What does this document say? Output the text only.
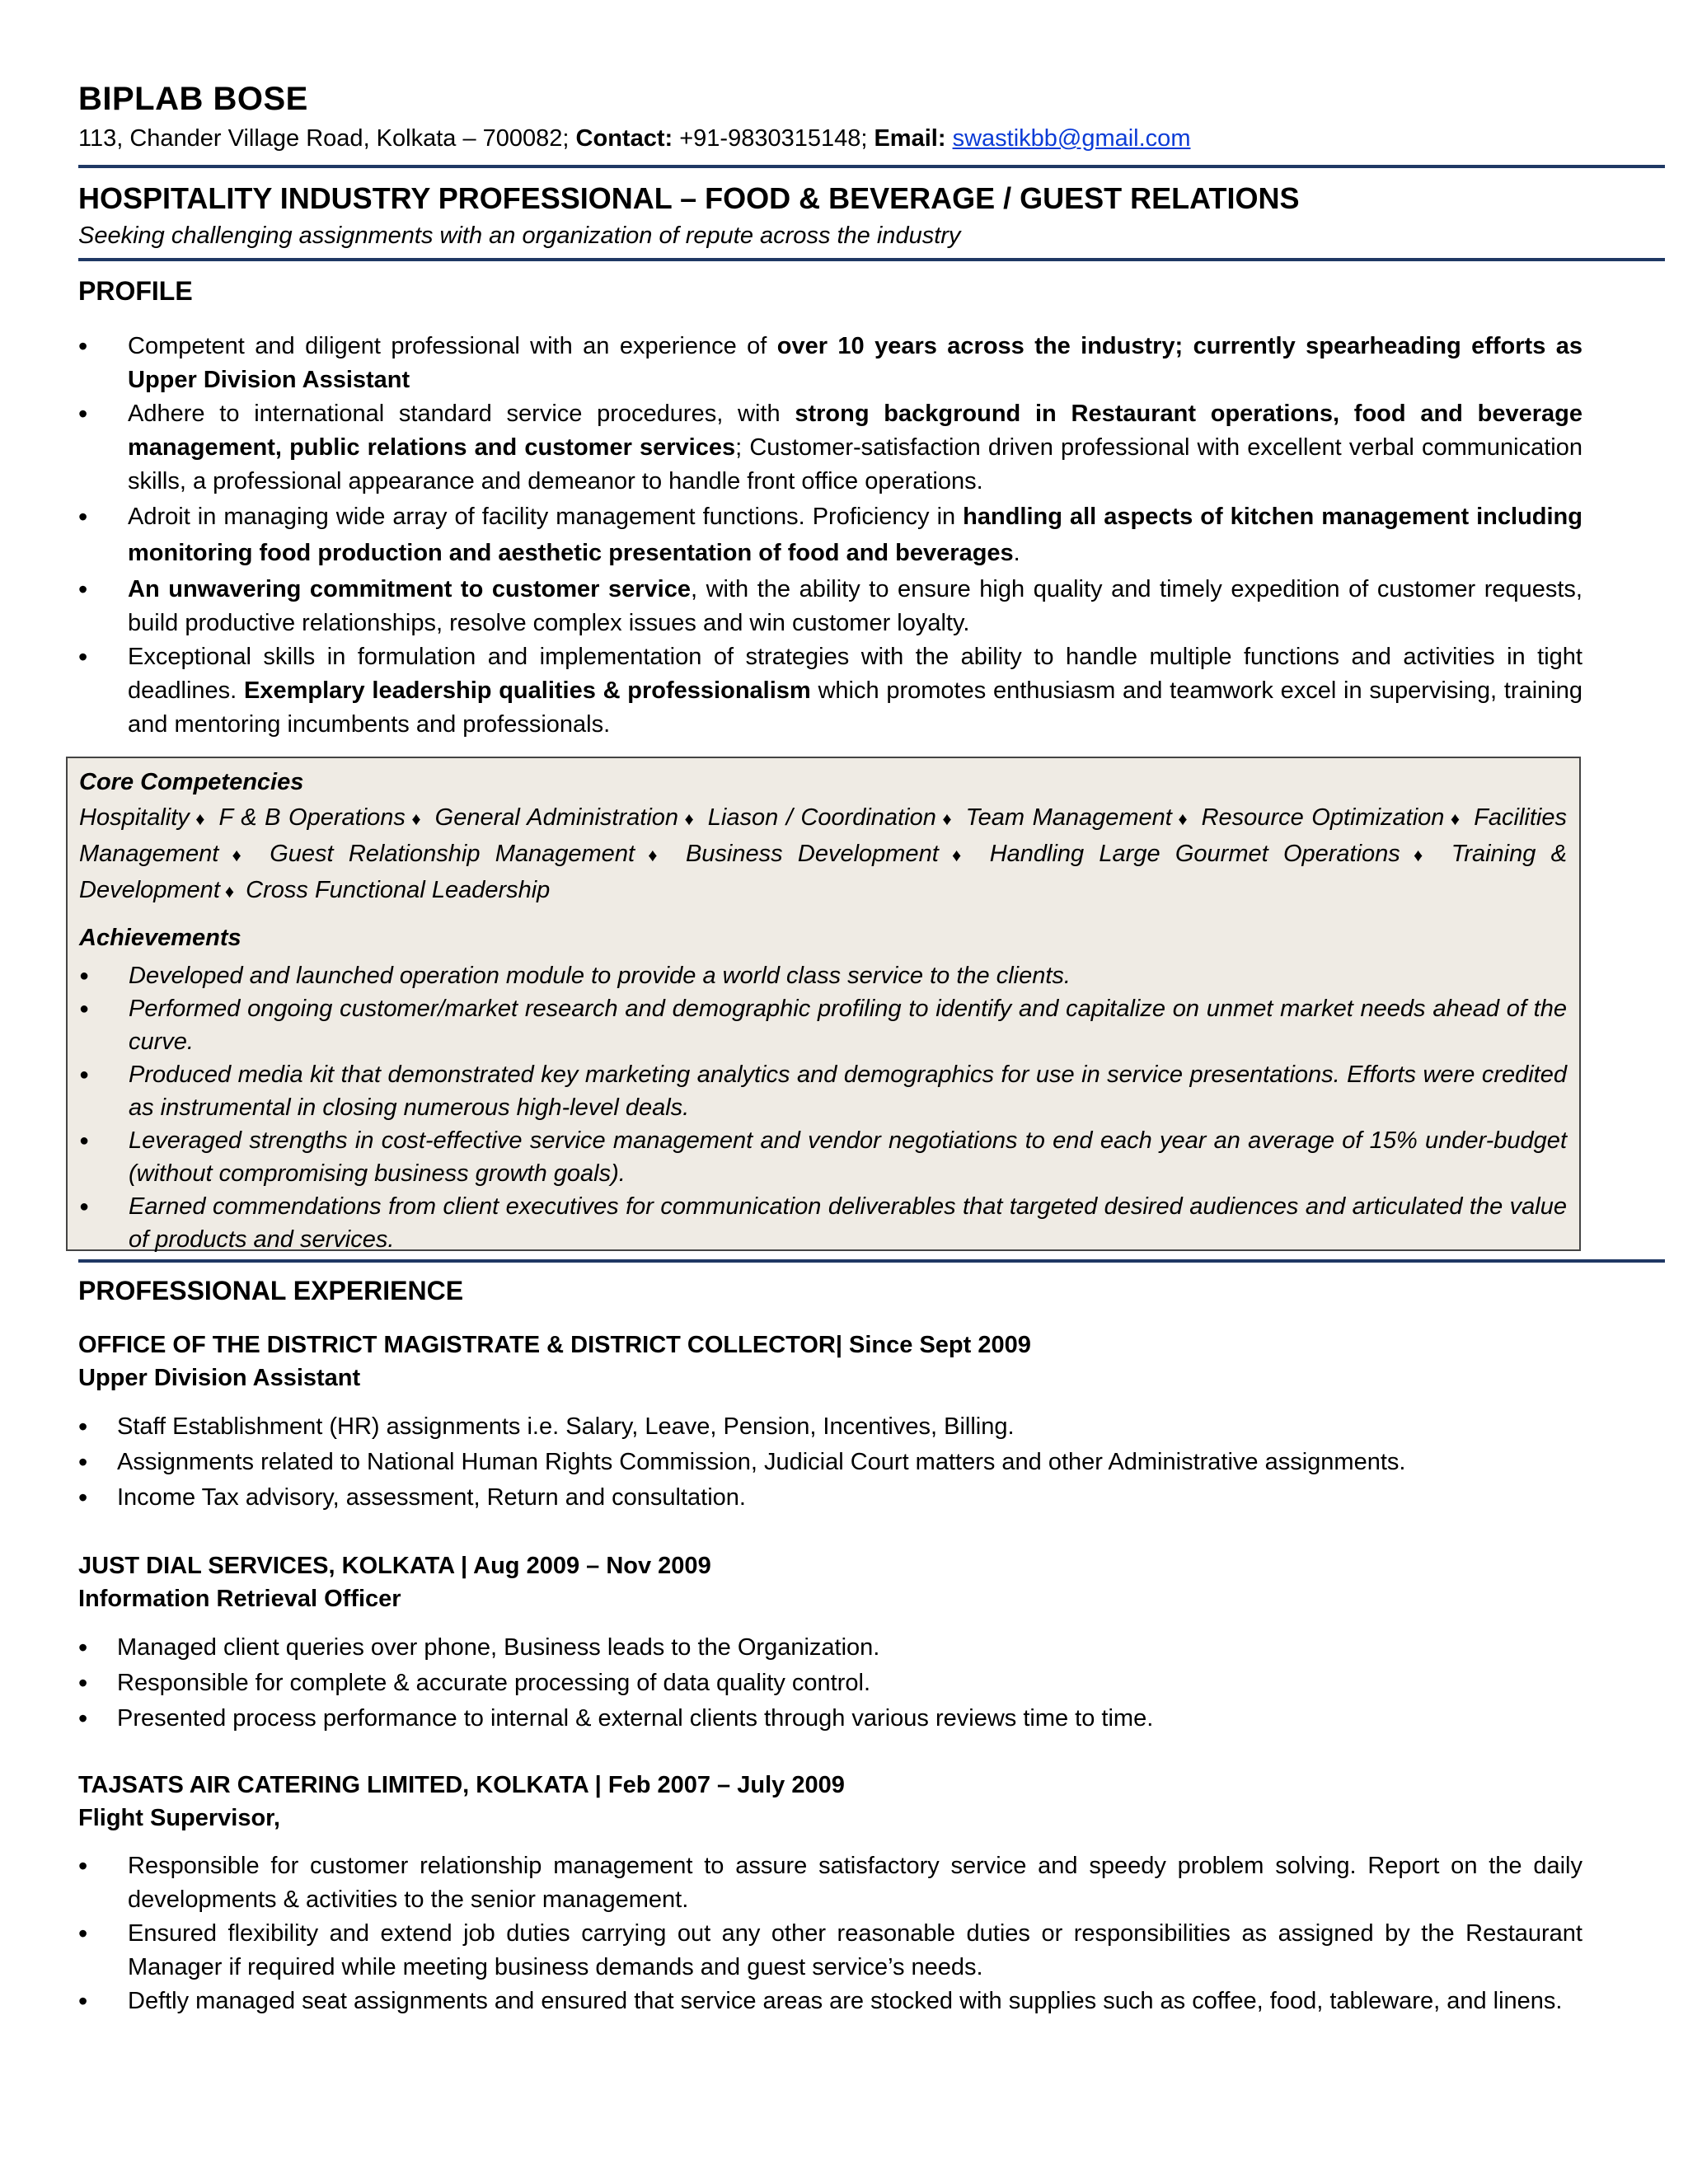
BIPLAB BOSE
113, Chander Village Road, Kolkata – 700082; Contact: +91-9830315148; Email: swastikbb@gmail.com
HOSPITALITY INDUSTRY PROFESSIONAL – FOOD & BEVERAGE / GUEST RELATIONS
Seeking challenging assignments with an organization of repute across the industry
PROFILE
• Competent and diligent professional with an experience of over 10 years across the industry; currently spearheading efforts as Upper Division Assistant
• Adhere to international standard service procedures, with strong background in Restaurant operations, food and beverage management, public relations and customer services; Customer-satisfaction driven professional with excellent verbal communication skills, a professional appearance and demeanor to handle front office operations.
• Adroit in managing wide array of facility management functions. Proficiency in handling all aspects of kitchen management including monitoring food production and aesthetic presentation of food and beverages.
• An unwavering commitment to customer service, with the ability to ensure high quality and timely expedition of customer requests, build productive relationships, resolve complex issues and win customer loyalty.
• Exceptional skills in formulation and implementation of strategies with the ability to handle multiple functions and activities in tight deadlines. Exemplary leadership qualities & professionalism which promotes enthusiasm and teamwork excel in supervising, training and mentoring incumbents and professionals.
Core Competencies
Hospitality ♦ F & B Operations ♦ General Administration ♦ Liason / Coordination ♦ Team Management ♦ Resource Optimization ♦ Facilities Management ♦ Guest Relationship Management ♦ Business Development ♦ Handling Large Gourmet Operations ♦ Training & Development ♦ Cross Functional Leadership
Achievements
● Developed and launched operation module to provide a world class service to the clients.
● Performed ongoing customer/market research and demographic profiling to identify and capitalize on unmet market needs ahead of the curve.
● Produced media kit that demonstrated key marketing analytics and demographics for use in service presentations. Efforts were credited as instrumental in closing numerous high-level deals.
● Leveraged strengths in cost-effective service management and vendor negotiations to end each year an average of 15% under-budget (without compromising business growth goals).
● Earned commendations from client executives for communication deliverables that targeted desired audiences and articulated the value of products and services.
PROFESSIONAL EXPERIENCE
OFFICE OF THE DISTRICT MAGISTRATE & DISTRICT COLLECTOR| Since Sept 2009
Upper Division Assistant
• Staff Establishment (HR) assignments i.e. Salary, Leave, Pension, Incentives, Billing.
• Assignments related to National Human Rights Commission, Judicial Court matters and other Administrative assignments.
• Income Tax advisory, assessment, Return and consultation.
JUST DIAL SERVICES, KOLKATA | Aug 2009 – Nov 2009
Information Retrieval Officer
• Managed client queries over phone, Business leads to the Organization.
• Responsible for complete & accurate processing of data quality control.
• Presented process performance to internal & external clients through various reviews time to time.
TAJSATS AIR CATERING LIMITED, KOLKATA | Feb 2007 – July 2009
Flight Supervisor,
• Responsible for customer relationship management to assure satisfactory service and speedy problem solving. Report on the daily developments & activities to the senior management.
• Ensured flexibility and extend job duties carrying out any other reasonable duties or responsibilities as assigned by the Restaurant Manager if required while meeting business demands and guest service’s needs.
• Deftly managed seat assignments and ensured that service areas are stocked with supplies such as coffee, food, tableware, and linens.
